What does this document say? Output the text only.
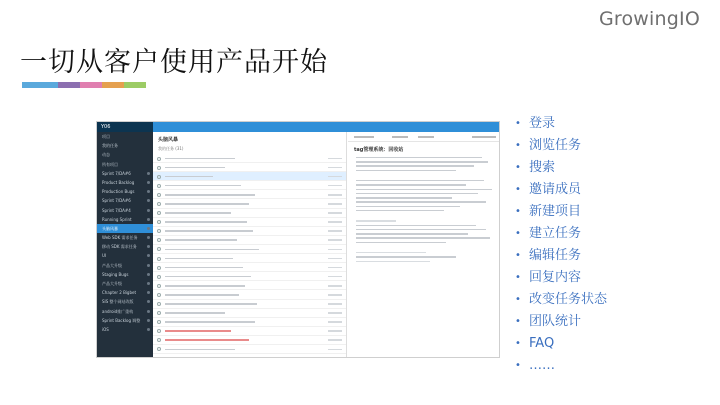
GrowingIO
一切从客户使用产品开始
Y06
项目
我的任务
动态
所有项目
Sprint 7/DA#6
Product Backlog
Production Bugs
Sprint 7/DA#6
Sprint 7/DA#4
Running Sprint
头脑风暴
Web SDK 需求任务
移动 SDK 需求任务
UI
产品大升级
Staging Bugs
产品大升级
Chapter 2 Bigbet
SIS 整个网站改版
android推广重构
Sprint Backlog 调整
iOS
头脑风暴
我的任务 (31)	tag管理系统：回收站
• 登录
• 浏览任务
• 搜索
• 邀请成员
• 新建项目
• 建立任务
• 编辑任务
• 回复内容
• 改变任务状态
• 团队统计
• FAQ
• ……
